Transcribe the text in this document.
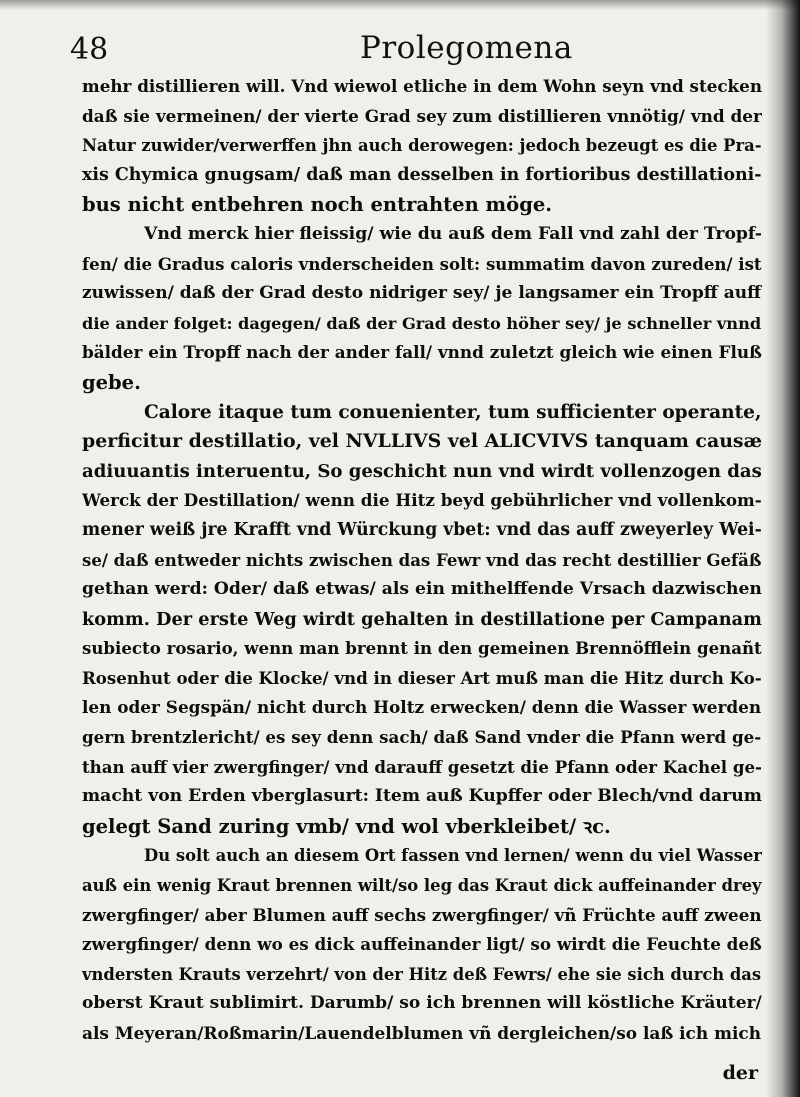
48	Prolegomena
mehr distillieren will. Vnd wiewol etliche in dem Wohn seyn vnd stecken
daß sie vermeinen/ der vierte Grad sey zum distillieren vnnötig/ vnd der
Natur zuwider/verwerffen jhn auch derowegen: jedoch bezeugt es die Pra-
xis Chymica gnugsam/ daß man desselben in fortioribus destillationi-
bus nicht entbehren noch entrahten möge.
Vnd merck hier fleissig/ wie du auß dem Fall vnd zahl der Tropf-
fen/ die Gradus caloris vnderscheiden solt: summatim davon zureden/ ist
zuwissen/ daß der Grad desto nidriger sey/ je langsamer ein Tropff auff
die ander folget: dagegen/ daß der Grad desto höher sey/ je schneller vnnd
bälder ein Tropff nach der ander fall/ vnnd zuletzt gleich wie einen Fluß
gebe.
Calore itaque tum conuenienter, tum sufficienter operante,
perficitur destillatio, vel NVLLIVS vel ALICVIVS tanquam causæ
adiuuantis interuentu, So geschicht nun vnd wirdt vollenzogen das
Werck der Destillation/ wenn die Hitz beyd gebührlicher vnd vollenkom-
mener weiß jre Krafft vnd Würckung vbet: vnd das auff zweyerley Wei-
se/ daß entweder nichts zwischen das Fewr vnd das recht destillier Gefäß
gethan werd: Oder/ daß etwas/ als ein mithelffende Vrsach dazwischen
komm. Der erste Weg wirdt gehalten in destillatione per Campanam
subiecto rosario, wenn man brennt in den gemeinen Brennöfflein genañt
Rosenhut oder die Klocke/ vnd in dieser Art muß man die Hitz durch Ko-
len oder Segspän/ nicht durch Holtz erwecken/ denn die Wasser werden
gern brentzlericht/ es sey denn sach/ daß Sand vnder die Pfann werd ge-
than auff vier zwergfinger/ vnd darauff gesetzt die Pfann oder Kachel ge-
macht von Erden vberglasurt: Item auß Kupffer oder Blech/vnd darum
gelegt Sand zuring vmb/ vnd wol vberkleibet/ ꝛc.
Du solt auch an diesem Ort fassen vnd lernen/ wenn du viel Wasser
auß ein wenig Kraut brennen wilt/so leg das Kraut dick auffeinander drey
zwergfinger/ aber Blumen auff sechs zwergfinger/ vñ Früchte auff zween
zwergfinger/ denn wo es dick auffeinander ligt/ so wirdt die Feuchte deß
vndersten Krauts verzehrt/ von der Hitz deß Fewrs/ ehe sie sich durch das
oberst Kraut sublimirt. Darumb/ so ich brennen will köstliche Kräuter/
als Meyeran/Roßmarin/Lauendelblumen vñ dergleichen/so laß ich mich
der
